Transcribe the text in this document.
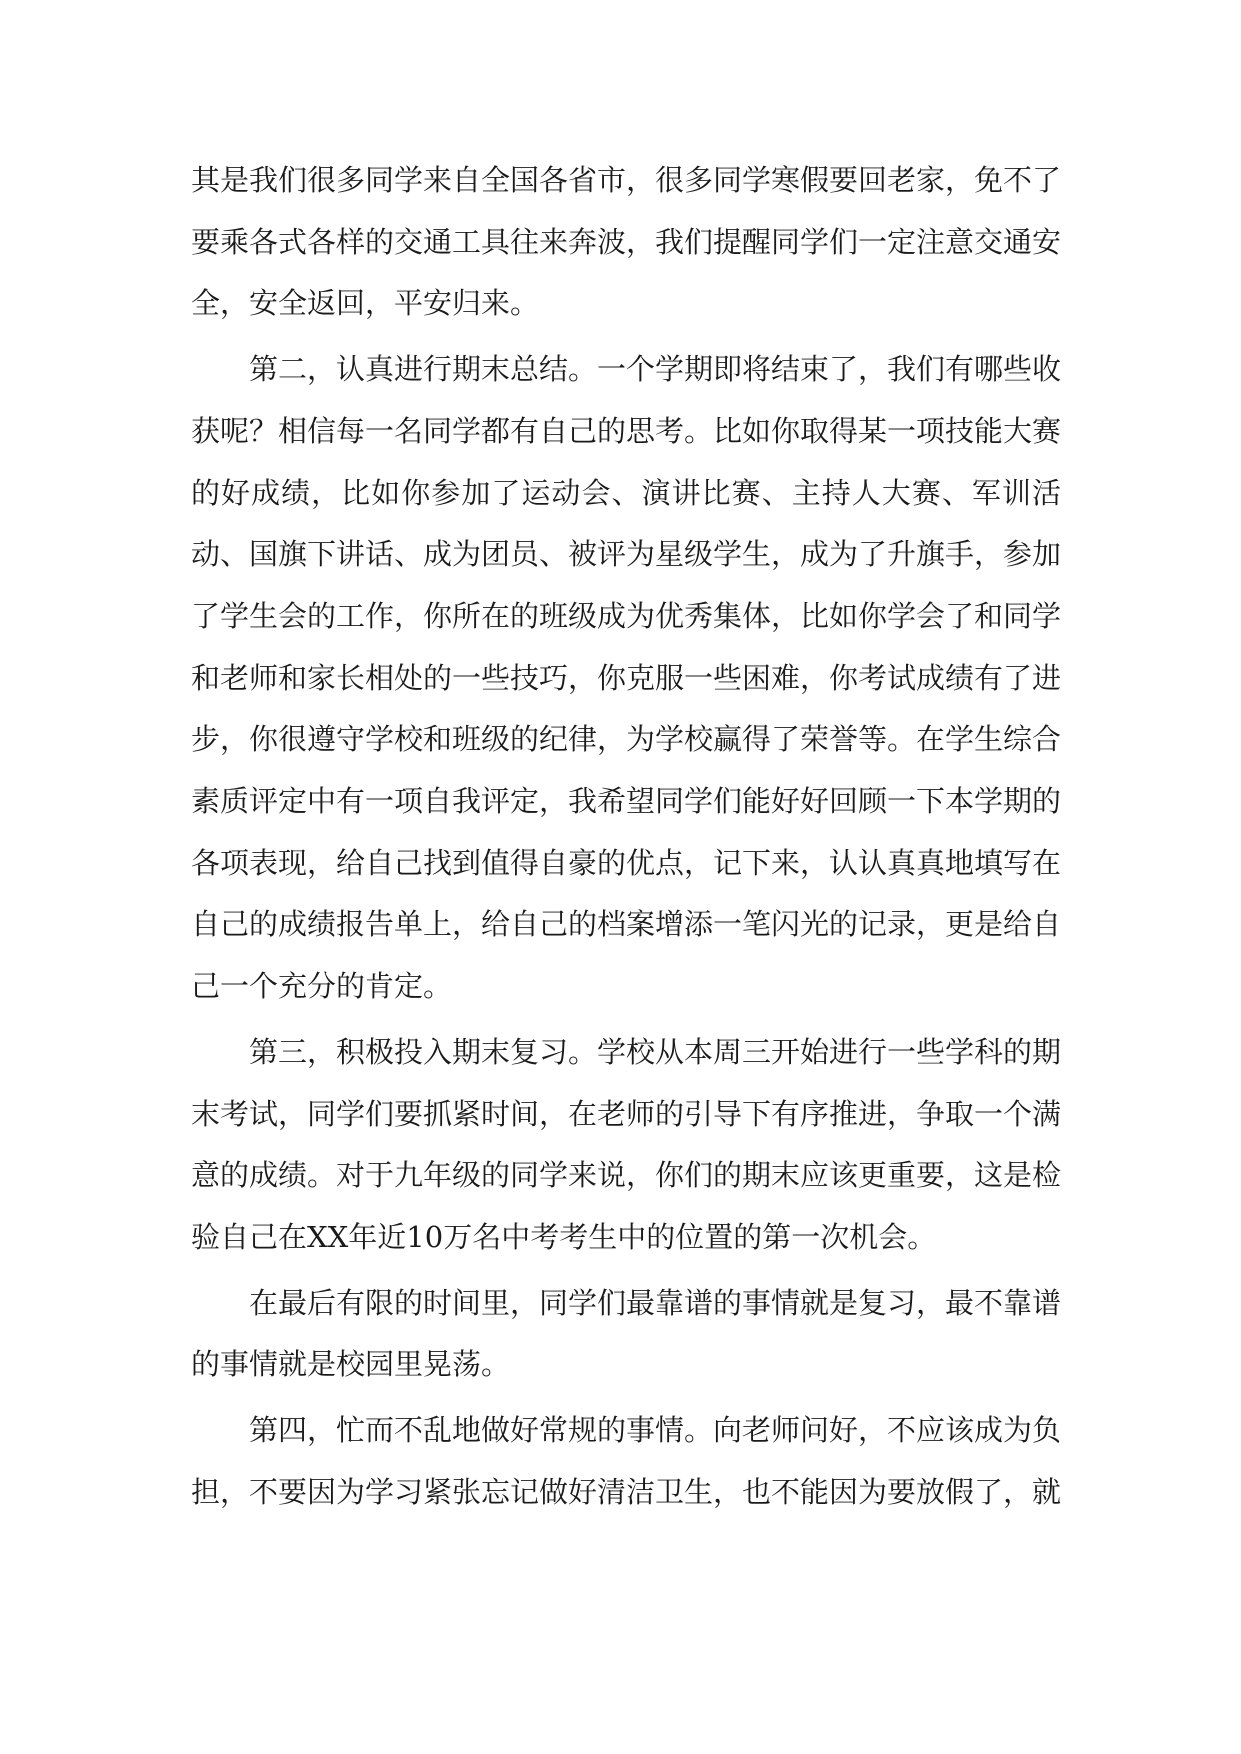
其是我们很多同学来自全国各省市，很多同学寒假要回老家，免不了要乘各式各样的交通工具往来奔波，我们提醒同学们一定注意交通安全，安全返回，平安归来。

第二，认真进行期末总结。一个学期即将结束了，我们有哪些收获呢？相信每一名同学都有自己的思考。比如你取得某一项技能大赛的好成绩，比如你参加了运动会、演讲比赛、主持人大赛、军训活动、国旗下讲话、成为团员、被评为星级学生，成为了升旗手，参加了学生会的工作，你所在的班级成为优秀集体，比如你学会了和同学和老师和家长相处的一些技巧，你克服一些困难，你考试成绩有了进步，你很遵守学校和班级的纪律，为学校赢得了荣誉等。在学生综合素质评定中有一项自我评定，我希望同学们能好好回顾一下本学期的各项表现，给自己找到值得自豪的优点，记下来，认认真真地填写在自己的成绩报告单上，给自己的档案增添一笔闪光的记录，更是给自己一个充分的肯定。

第三，积极投入期末复习。学校从本周三开始进行一些学科的期末考试，同学们要抓紧时间，在老师的引导下有序推进，争取一个满意的成绩。对于九年级的同学来说，你们的期末应该更重要，这是检验自己在XX年近10万名中考考生中的位置的第一次机会。

在最后有限的时间里，同学们最靠谱的事情就是复习，最不靠谱的事情就是校园里晃荡。

第四，忙而不乱地做好常规的事情。向老师问好，不应该成为负担，不要因为学习紧张忘记做好清洁卫生，也不能因为要放假了，就
